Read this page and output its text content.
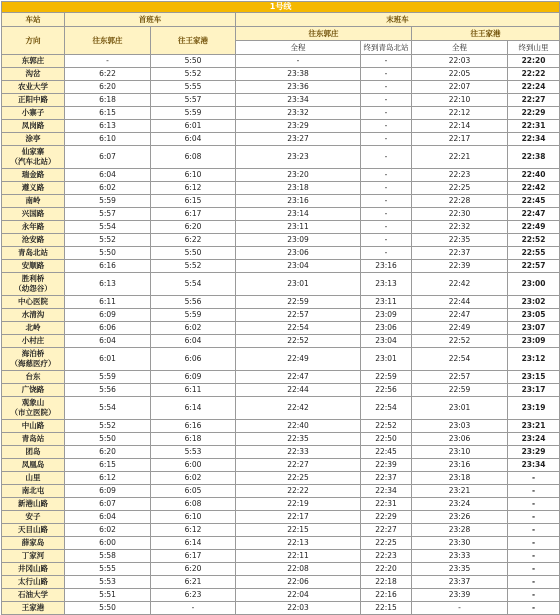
1号线						
车站	首班车		末班车			
方向	往东郭庄	往王家港	往东郭庄		往王家港	
			全程	终到青岛北站	全程	终到山里
东郭庄	-	5:50	-	-	22:03	22:20
沟岔	6:22	5:52	23:38	-	22:05	22:22
农业大学	6:20	5:55	23:36	-	22:07	22:24
正阳中路	6:18	5:57	23:34	-	22:10	22:27
小寨子	6:15	5:59	23:32	-	22:12	22:29
凤岗路	6:13	6:01	23:29	-	22:14	22:31
涂亭	6:10	6:04	23:27	-	22:17	22:34
仙家寨
（汽车北站）	6:07	6:08	23:23	-	22:21	22:38
瑞金路	6:04	6:10	23:20	-	22:23	22:40
遵义路	6:02	6:12	23:18	-	22:25	22:42
南岭	5:59	6:15	23:16	-	22:28	22:45
兴国路	5:57	6:17	23:14	-	22:30	22:47
永年路	5:54	6:20	23:11	-	22:32	22:49
沧安路	5:52	6:22	23:09	-	22:35	22:52
青岛北站	5:50	5:50	23:06	-	22:37	22:55
安顺路	6:16	5:52	23:04	23:16	22:39	22:57
胜利桥
（幼怨谷）	6:13	5:54	23:01	23:13	22:42	23:00
中心医院	6:11	5:56	22:59	23:11	22:44	23:02
水清沟	6:09	5:59	22:57	23:09	22:47	23:05
北岭	6:06	6:02	22:54	23:06	22:49	23:07
小村庄	6:04	6:04	22:52	23:04	22:52	23:09
海泊桥
（海慈医疗）	6:01	6:06	22:49	23:01	22:54	23:12
台东	5:59	6:09	22:47	22:59	22:57	23:15
广饶路	5:56	6:11	22:44	22:56	22:59	23:17
观象山
（市立医院）	5:54	6:14	22:42	22:54	23:01	23:19
中山路	5:52	6:16	22:40	22:52	23:03	23:21
青岛站	5:50	6:18	22:35	22:50	23:06	23:24
团岛	6:20	5:53	22:33	22:45	23:10	23:29
凤凰岛	6:15	6:00	22:27	22:39	23:16	23:34
山里	6:12	6:02	22:25	22:37	23:18	-
南北屯	6:09	6:05	22:22	22:34	23:21	-
新港山路	6:07	6:08	22:19	22:31	23:24	-
安子	6:04	6:10	22:17	22:29	23:26	-
天目山路	6:02	6:12	22:15	22:27	23:28	-
薛家岛	6:00	6:14	22:13	22:25	23:30	-
丁家河	5:58	6:17	22:11	22:23	23:33	-
井冈山路	5:55	6:20	22:08	22:20	23:35	-
太行山路	5:53	6:21	22:06	22:18	23:37	-
石油大学	5:51	6:23	22:04	22:16	23:39	-
王家港	5:50	-	22:03	22:15	-	-
